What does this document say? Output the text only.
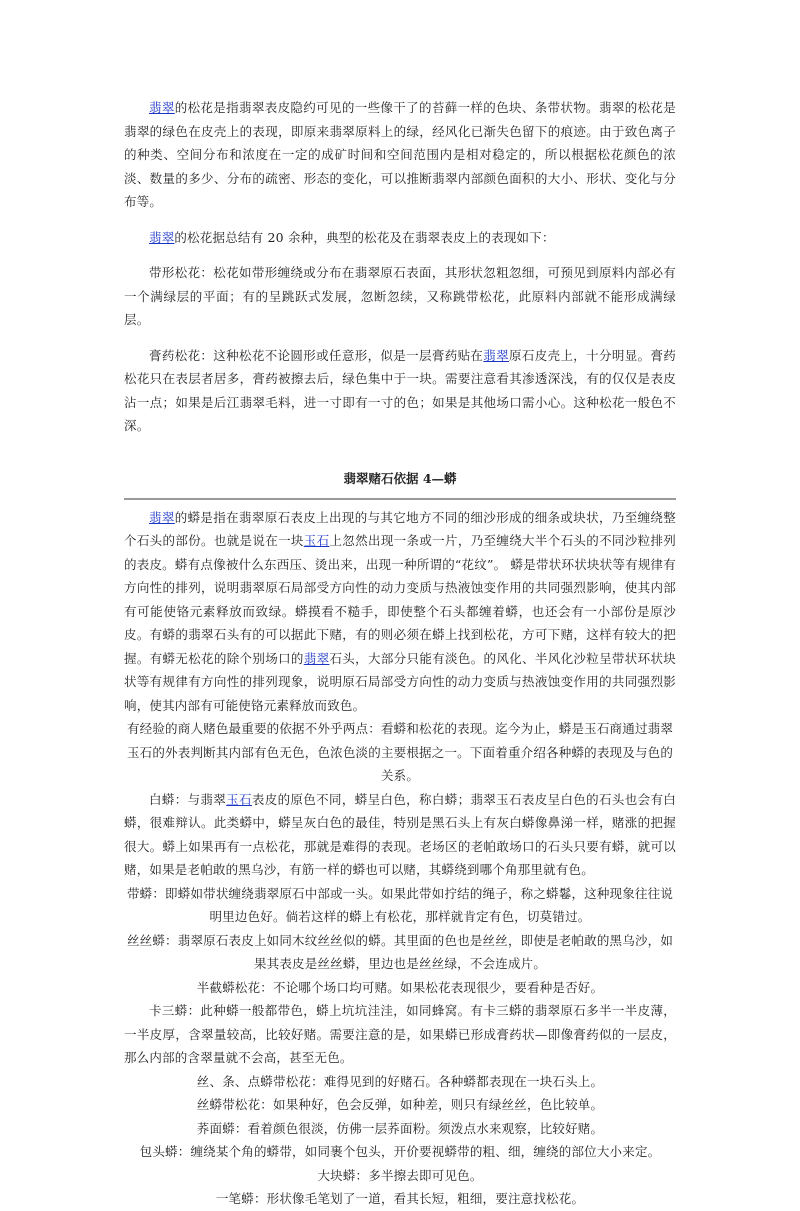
翡翠的松花是指翡翠表皮隐约可见的一些像干了的苔藓一样的色块、条带状物。翡翠的松花是翡翠的绿色在皮壳上的表现，即原来翡翠原料上的绿，经风化已渐失色留下的痕迹。由于致色离子的种类、空间分布和浓度在一定的成矿时间和空间范围内是相对稳定的，所以根据松花颜色的浓淡、数量的多少、分布的疏密、形态的变化，可以推断翡翠内部颜色面积的大小、形状、变化与分布等。

翡翠的松花据总结有 20 余种，典型的松花及在翡翠表皮上的表现如下：

带形松花：松花如带形缠绕或分布在翡翠原石表面，其形状忽粗忽细，可预见到原料内部必有一个满绿层的平面；有的呈跳跃式发展，忽断忽续，又称跳带松花，此原料内部就不能形成满绿层。

膏药松花：这种松花不论圆形或任意形，似是一层膏药贴在翡翠原石皮壳上，十分明显。膏药松花只在表层者居多，膏药被擦去后，绿色集中于一块。需要注意看其渗透深浅，有的仅仅是表皮沾一点；如果是后江翡翠毛料，进一寸即有一寸的色；如果是其他场口需小心。这种松花一般色不深。

翡翠赌石依据 4—蟒

翡翠的蟒是指在翡翠原石表皮上出现的与其它地方不同的细沙形成的细条或块状，乃至缠绕整个石头的部份。也就是说在一块玉石上忽然出现一条或一片，乃至缠绕大半个石头的不同沙粒排列的表皮。蟒有点像被什么东西压、烫出来，出现一种所谓的“花纹”。 蟒是带状环状块状等有规律有方向性的排列，说明翡翠原石局部受方向性的动力变质与热液蚀变作用的共同强烈影响，使其内部有可能使铬元素释放而致绿。蟒摸看不糙手，即使整个石头都缠着蟒，也还会有一小部份是原沙皮。有蟒的翡翠石头有的可以据此下赌，有的则必须在蟒上找到松花，方可下赌，这样有较大的把握。有蟒无松花的除个别场口的翡翠石头，大部分只能有淡色。的风化、半风化沙粒呈带状环状块状等有规律有方向性的排列现象，说明原石局部受方向性的动力变质与热液蚀变作用的共同强烈影响，使其内部有可能使铬元素释放而致色。

有经验的商人赌色最重要的依据不外乎两点：看蟒和松花的表现。迄今为止，蟒是玉石商通过翡翠玉石的外表判断其内部有色无色，色浓色淡的主要根据之一。下面着重介绍各种蟒的表现及与色的关系。

白蟒：与翡翠玉石表皮的原色不同，蟒呈白色，称白蟒；翡翠玉石表皮呈白色的石头也会有白蟒，很难辩认。此类蟒中，蟒呈灰白色的最佳，特别是黑石头上有灰白蟒像鼻涕一样，赌涨的把握很大。蟒上如果再有一点松花，那就是难得的表现。老场区的老帕敢场口的石头只要有蟒，就可以赌，如果是老帕敢的黑乌沙，有筋一样的蟒也可以赌，其蟒绕到哪个角那里就有色。

带蟒：即蟒如带状缠绕翡翠原石中部或一头。如果此带如拧结的绳子，称之蟒鬈，这种现象往往说明里边色好。倘若这样的蟒上有松花，那样就肯定有色，切莫错过。

丝丝蟒：翡翠原石表皮上如同木纹丝丝似的蟒。其里面的色也是丝丝，即使是老帕敢的黑乌沙，如果其表皮是丝丝蟒，里边也是丝丝绿，不会连成片。

半截蟒松花：不论哪个场口均可赌。如果松花表现很少，要看种是否好。

卡三蟒：此种蟒一般都带色，蟒上坑坑洼洼，如同蜂窝。有卡三蟒的翡翠原石多半一半皮薄，一半皮厚，含翠量较高，比较好赌。需要注意的是，如果蟒已形成膏药状—即像膏药似的一层皮，那么内部的含翠量就不会高，甚至无色。

丝、条、点蟒带松花：难得见到的好赌石。各种蟒都表现在一块石头上。

丝蟒带松花：如果种好，色会反弹，如种差，则只有绿丝丝，色比较单。

荞面蟒：看着颜色很淡，仿佛一层荞面粉。须泼点水来观察，比较好赌。

包头蟒：缠绕某个角的蟒带，如同裹个包头，开价要视蟒带的粗、细，缠绕的部位大小来定。

大块蟒：多半擦去即可见色。

一笔蟒：形状像毛笔划了一道，看其长短，粗细，要注意找松花。
